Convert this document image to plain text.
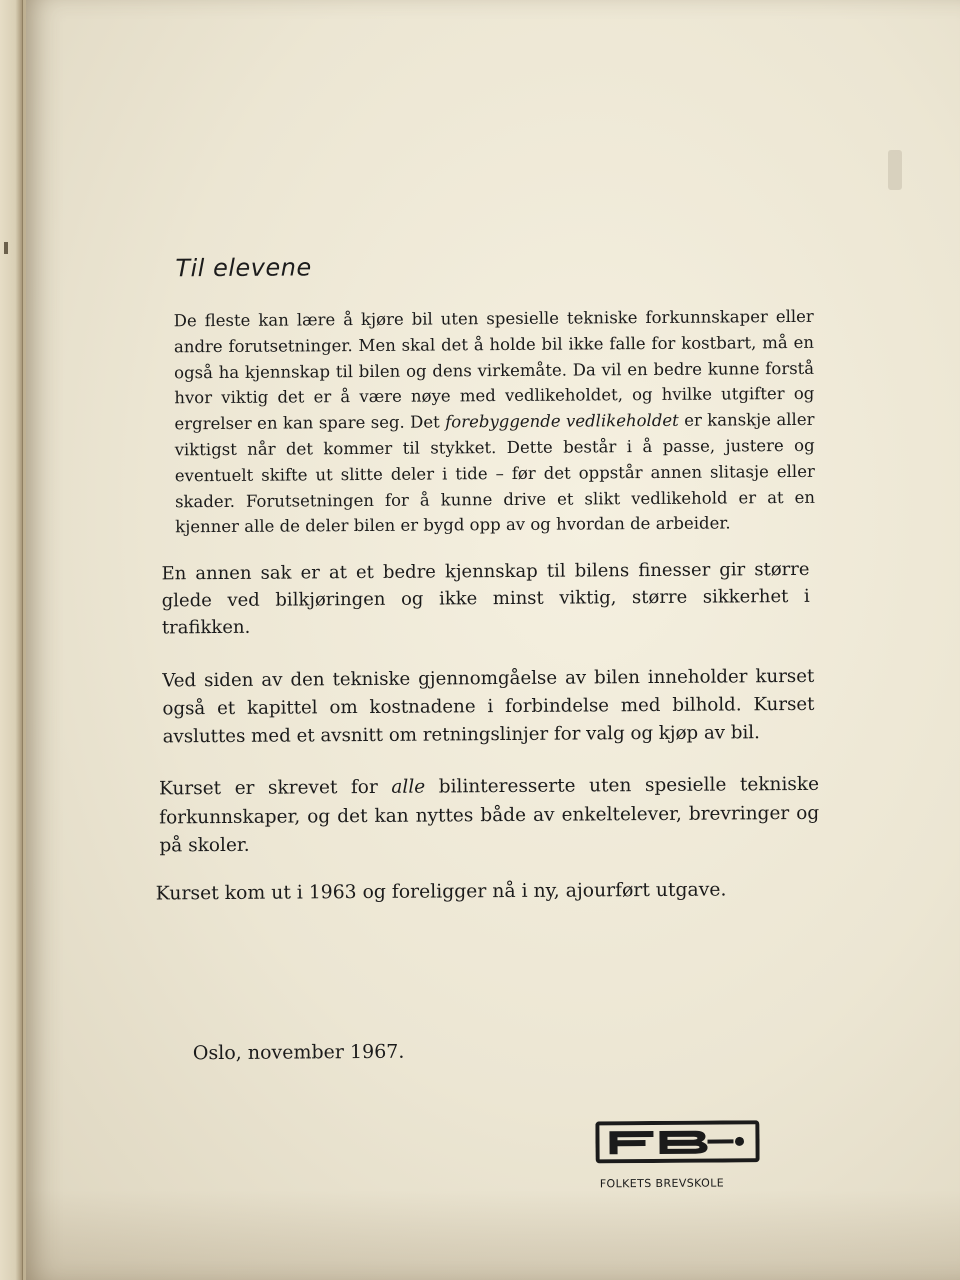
Til elevene

De fleste kan lære å kjøre bil uten spesielle tekniske forkunnskaper eller andre forutsetninger. Men skal det å holde bil ikke falle for kostbart, må en også ha kjennskap til bilen og dens virkemåte. Da vil en bedre kunne forstå hvor viktig det er å være nøye med vedlikeholdet, og hvilke utgifter og ergrelser en kan spare seg. Det forebyggende vedlikeholdet er kanskje aller viktigst når det kommer til stykket. Dette består i å passe, justere og eventuelt skifte ut slitte deler i tide – før det oppstår annen slitasje eller skader. Forutsetningen for å kunne drive et slikt vedlikehold er at en kjenner alle de deler bilen er bygd opp av og hvordan de arbeider.

En annen sak er at et bedre kjennskap til bilens finesser gir større glede ved bilkjøringen og ikke minst viktig, større sikkerhet i trafikken.

Ved siden av den tekniske gjennomgåelse av bilen inneholder kurset også et kapittel om kostnadene i forbindelse med bilhold. Kurset avsluttes med et avsnitt om retningslinjer for valg og kjøp av bil.

Kurset er skrevet for alle bilinteresserte uten spesielle tekniske forkunnskaper, og det kan nyttes både av enkeltelever, brevringer og på skoler.

Kurset kom ut i 1963 og foreligger nå i ny, ajourført utgave.

Oslo, november 1967.

FOLKETS BREVSKOLE
